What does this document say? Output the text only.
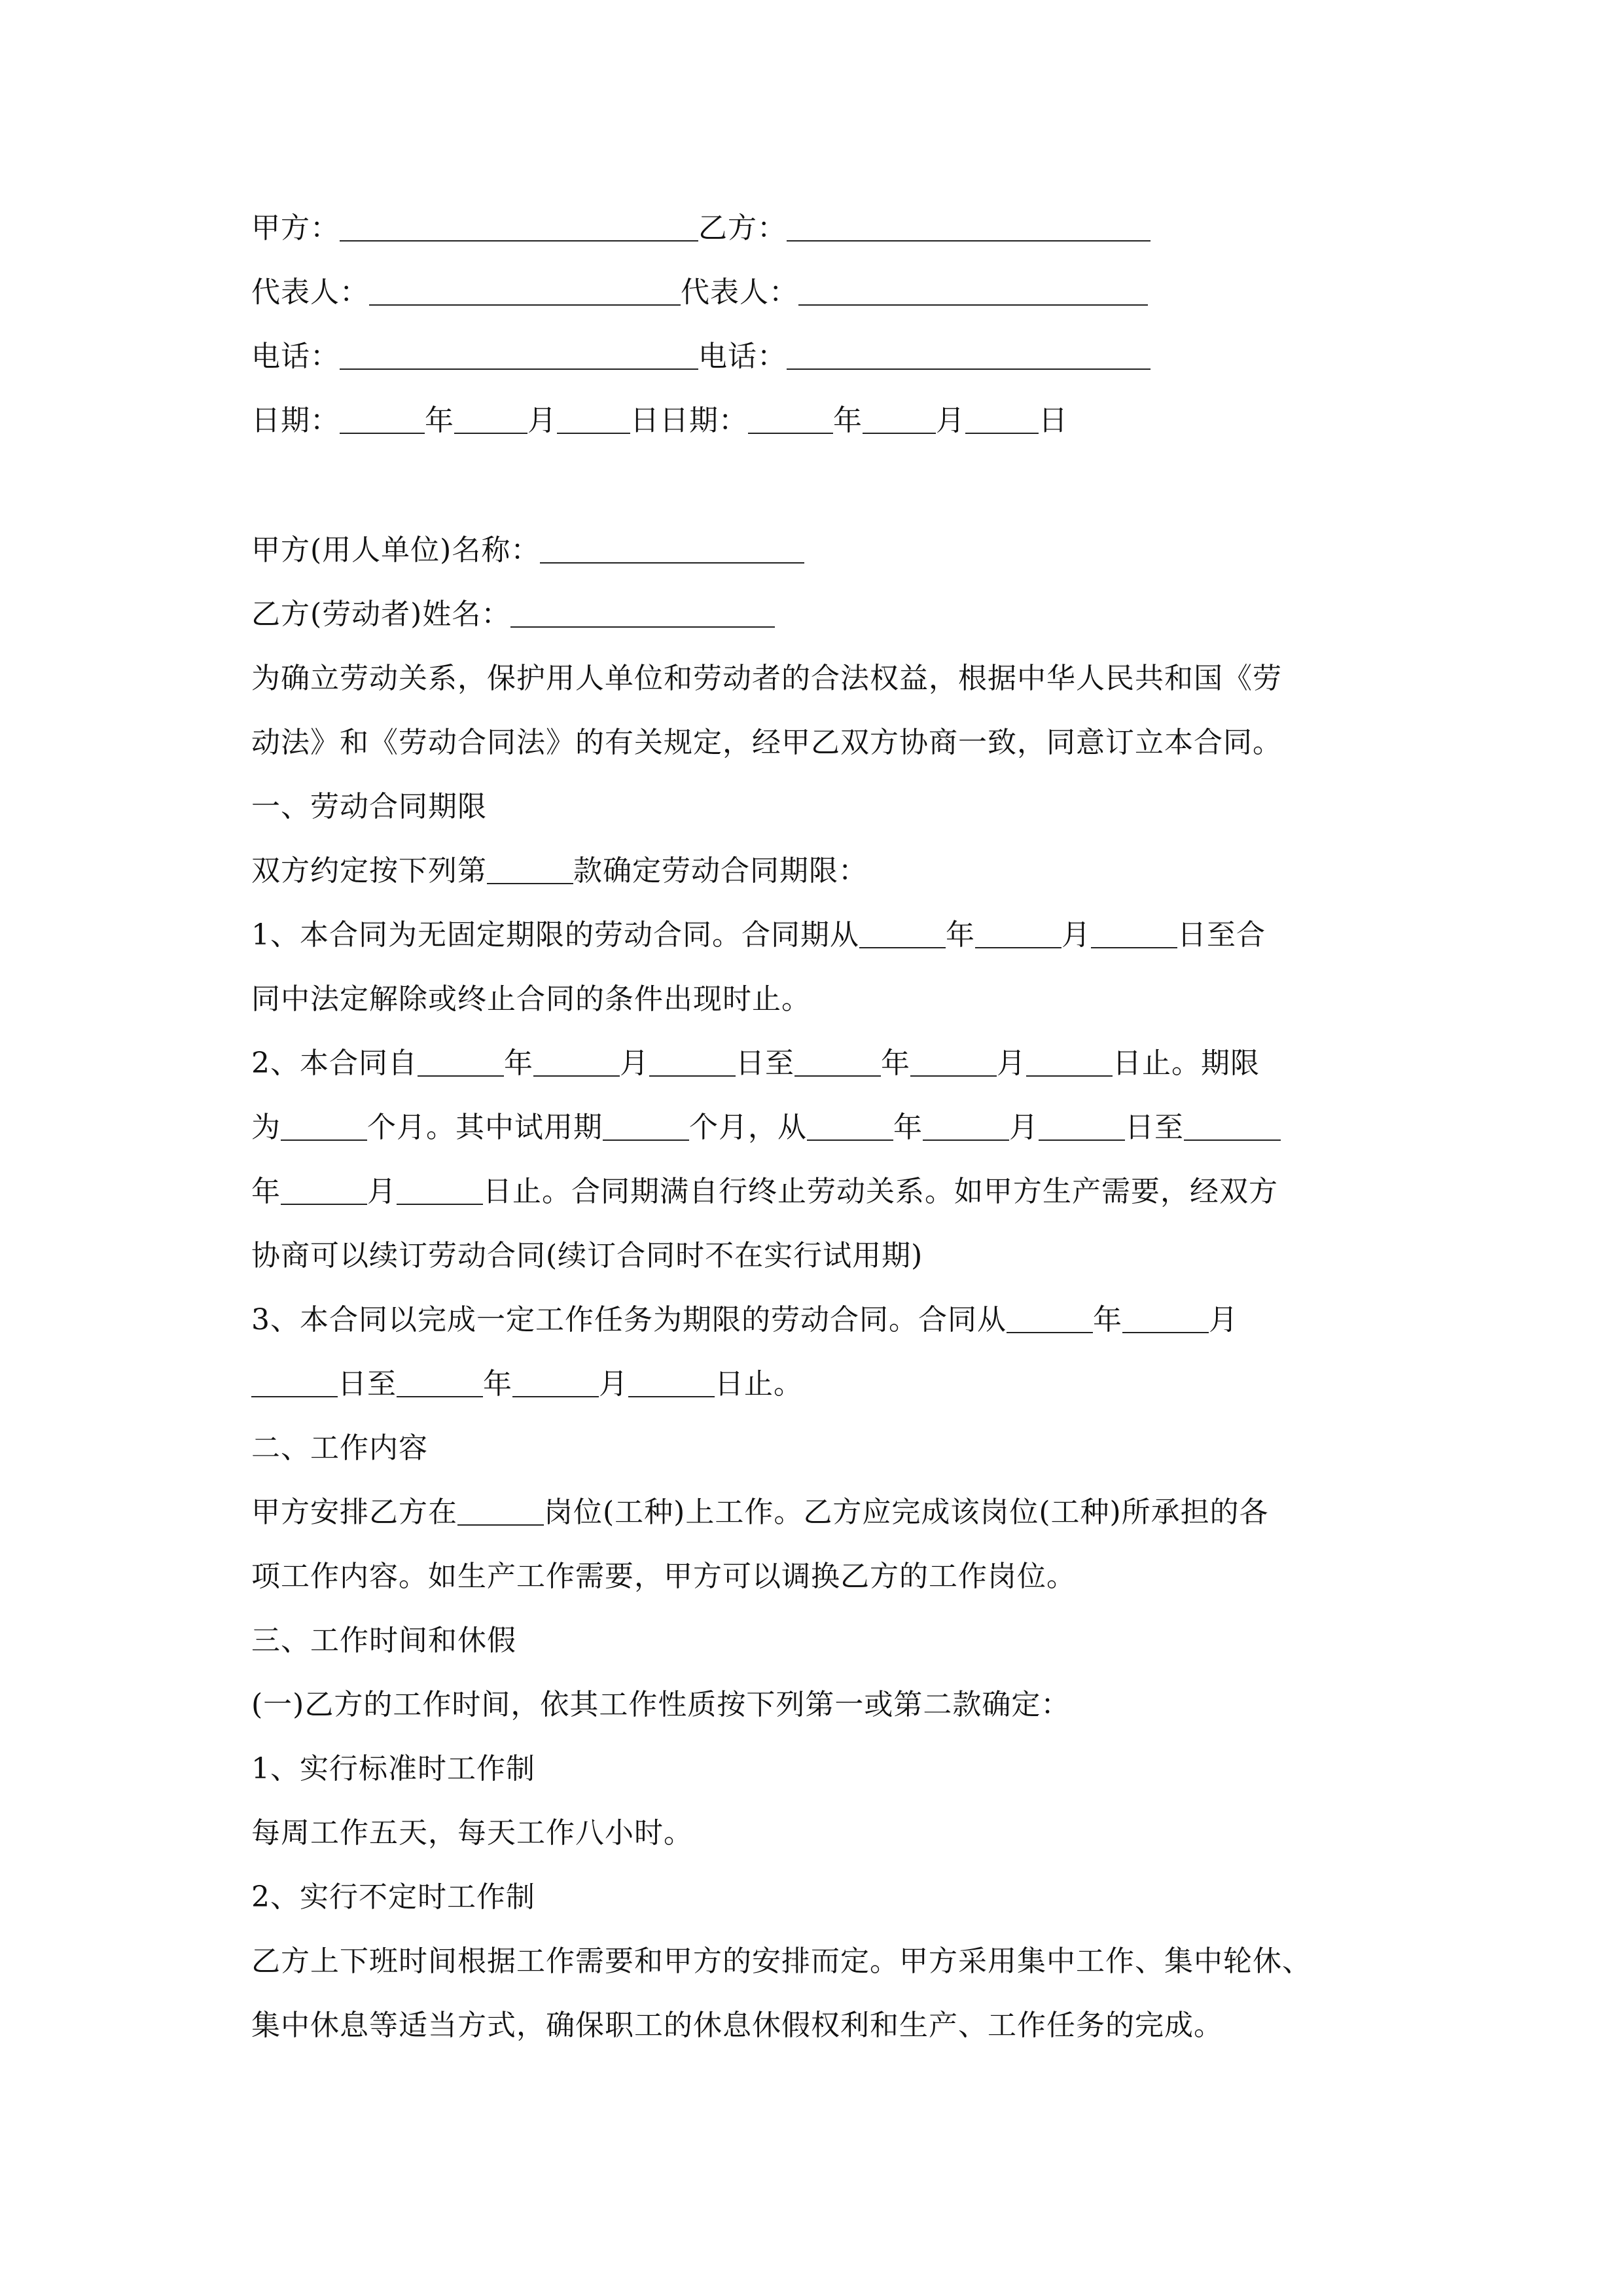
甲方：	乙方：
代表人：	代表人：
电话：	电话：
日期：	年	月	日日期：	年	月	日
甲方(用人单位)名称：
乙方(劳动者)姓名：
为确立劳动关系，保护用人单位和劳动者的合法权益，根据中华人民共和国《劳
动法》和《劳动合同法》的有关规定，经甲乙双方协商一致，同意订立本合同。
一、劳动合同期限
双方约定按下列第	款确定劳动合同期限：
1、本合同为无固定期限的劳动合同。合同期从	年	月	日至合
同中法定解除或终止合同的条件出现时止。
2、本合同自	年	月	日至	年	月	日止。期限
为	个月。其中试用期	个月，从	年	月	日至
年	月	日止。合同期满自行终止劳动关系。如甲方生产需要，经双方
协商可以续订劳动合同(续订合同时不在实行试用期)
3、本合同以完成一定工作任务为期限的劳动合同。合同从	年	月
日至	年	月	日止。
二、工作内容
甲方安排乙方在	岗位(工种)上工作。乙方应完成该岗位(工种)所承担的各
项工作内容。如生产工作需要，甲方可以调换乙方的工作岗位。
三、工作时间和休假
(一)乙方的工作时间，依其工作性质按下列第一或第二款确定：
1、实行标准时工作制
每周工作五天，每天工作八小时。
2、实行不定时工作制
乙方上下班时间根据工作需要和甲方的安排而定。甲方采用集中工作、集中轮休、
集中休息等适当方式，确保职工的休息休假权利和生产、工作任务的完成。
